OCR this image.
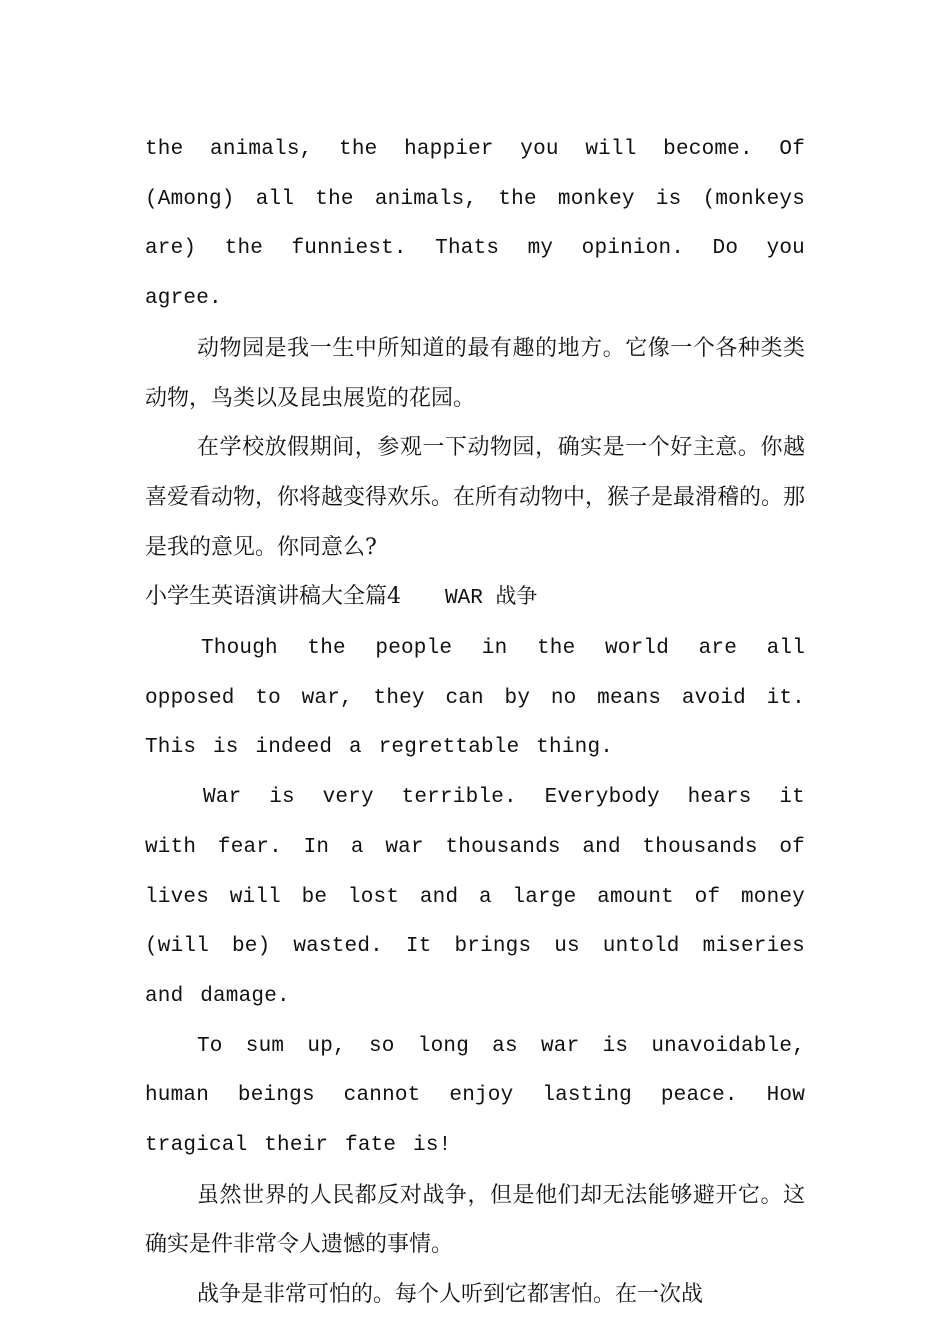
the animals, the happier you will become. Of (Among) all the animals, the monkey is (monkeys are) the funniest. Thats my opinion. Do you agree.

动物园是我一生中所知道的最有趣的地方。它像一个各种类类动物，鸟类以及昆虫展览的花园。

在学校放假期间，参观一下动物园，确实是一个好主意。你越喜爱看动物，你将越变得欢乐。在所有动物中，猴子是最滑稽的。那是我的意见。你同意么?

小学生英语演讲稿大全篇4 WAR 战争

Though the people in the world are all opposed to war, they can by no means avoid it. This is indeed a regrettable thing.

War is very terrible. Everybody hears it with fear. In a war thousands and thousands of lives will be lost and a large amount of money (will be) wasted. It brings us untold miseries and damage.

To sum up, so long as war is unavoidable, human beings cannot enjoy lasting peace. How tragical their fate is!

虽然世界的人民都反对战争，但是他们却无法能够避开它。这确实是件非常令人遗憾的事情。

战争是非常可怕的。每个人听到它都害怕。在一次战
